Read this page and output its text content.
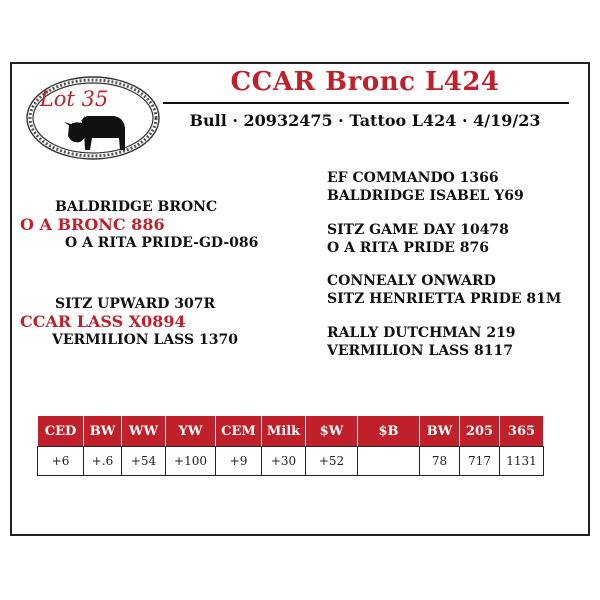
Lot 35
CCAR Bronc L424
Bull · 20932475 · Tattoo L424 · 4/19/23
BALDRIDGE BRONC
O A BRONC 886
O A RITA PRIDE-GD-086
SITZ UPWARD 307R
CCAR LASS X0894
VERMILION LASS 1370
EF COMMANDO 1366
BALDRIDGE ISABEL Y69
SITZ GAME DAY 10478
O A RITA PRIDE 876
CONNEALY ONWARD
SITZ HENRIETTA PRIDE 81M
RALLY DUTCHMAN 219
VERMILION LASS 8117
CED	BW	WW	YW	CEM	Milk	$W	$B	BW	205	365
+6	+.6	+54	+100	+9	+30	+52		78	717	1131
